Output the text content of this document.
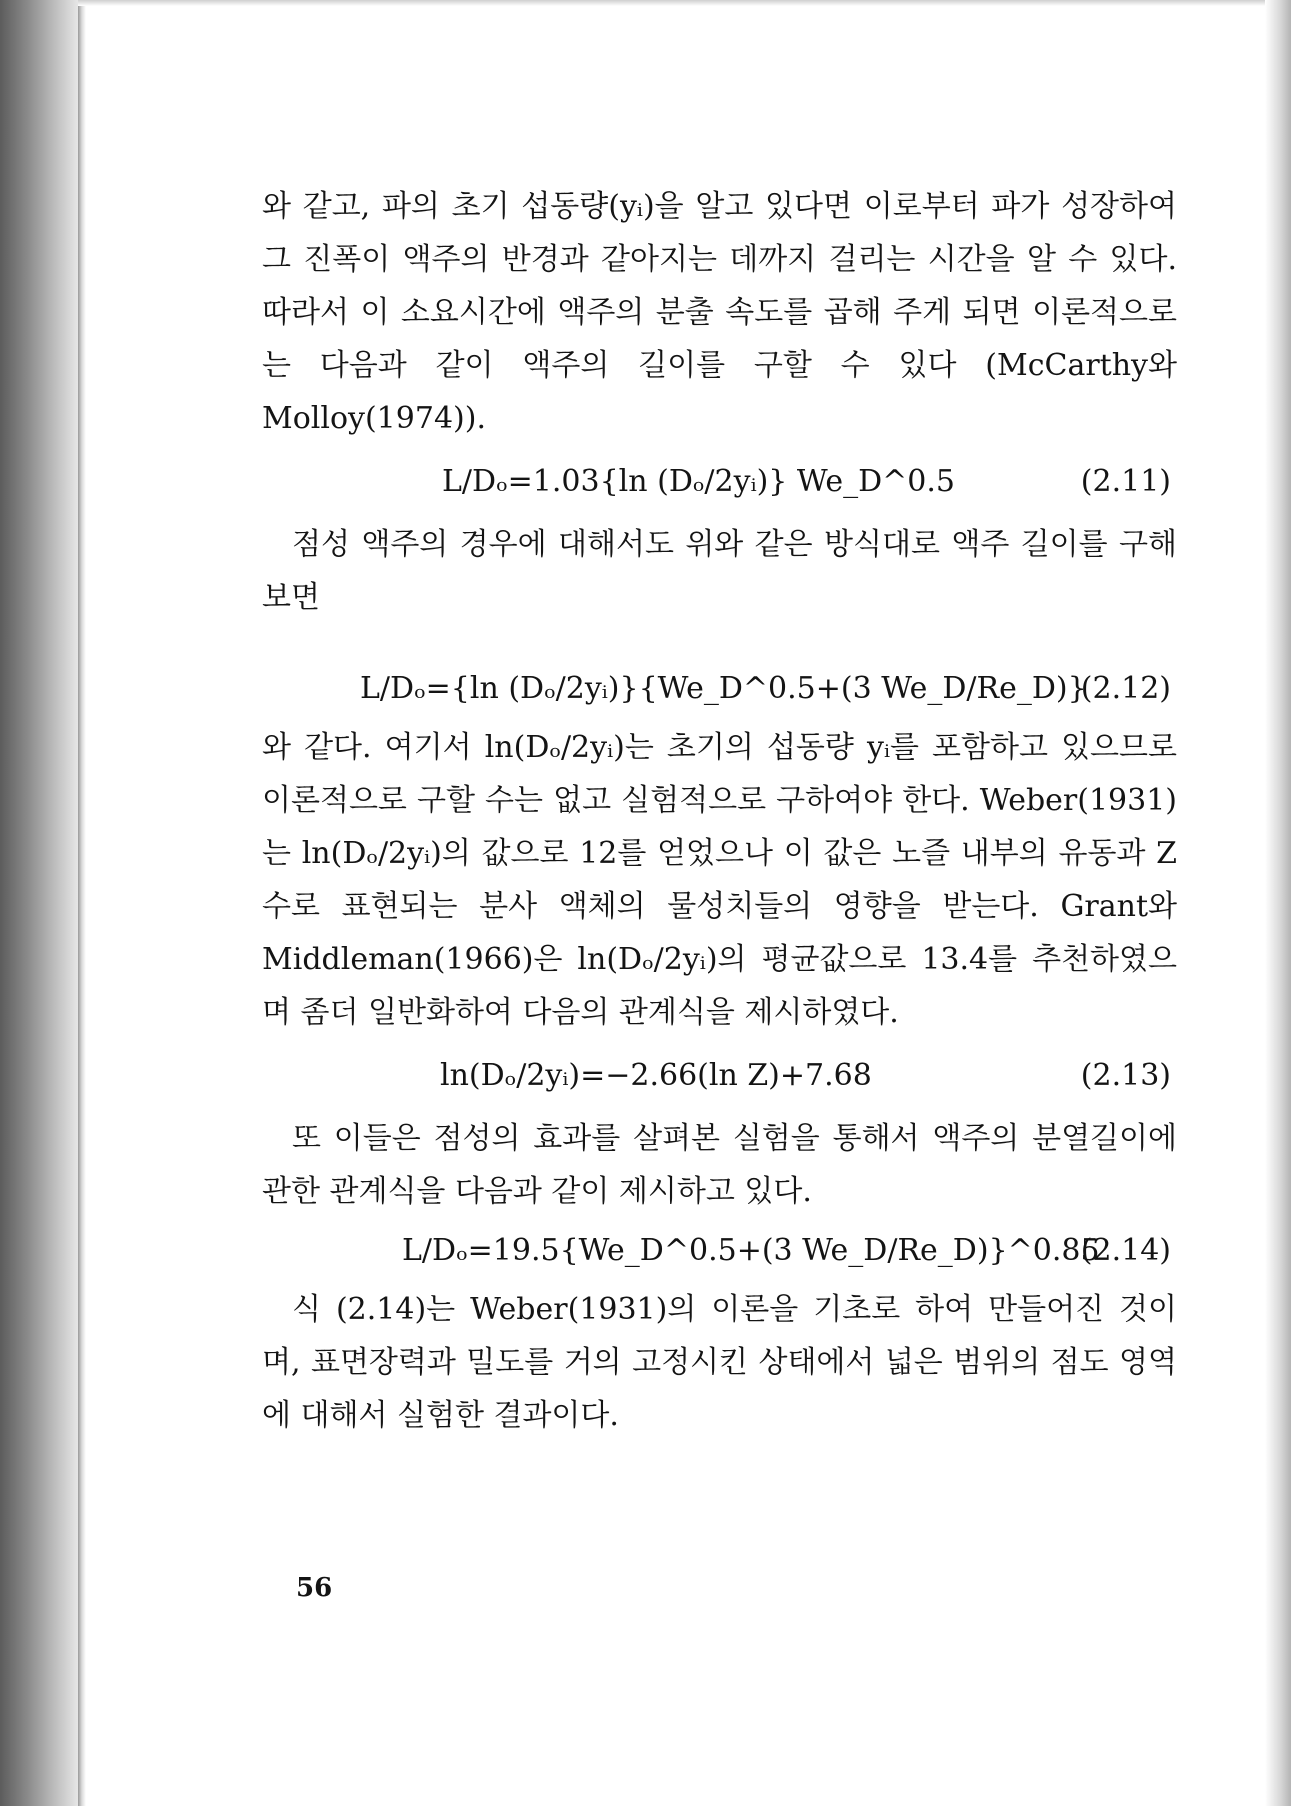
와 같고, 파의 초기 섭동량(yᵢ)을 알고 있다면 이로부터 파가 성장하여 그 진폭이 액주의 반경과 같아지는 데까지 걸리는 시간을 알 수 있다. 따라서 이 소요시간에 액주의 분출 속도를 곱해 주게 되면 이론적으로는 다음과 같이 액주의 길이를 구할 수 있다 (McCarthy와 Molloy(1974)).

L/Dₒ=1.03{ln (Dₒ/2yᵢ)} We_D^0.5	(2.11)

점성 액주의 경우에 대해서도 위와 같은 방식대로 액주 길이를 구해보면

L/Dₒ={ln (Dₒ/2yᵢ)}{We_D^0.5+(3 We_D/Re_D)}
(2.12)

와 같다. 여기서 ln(Dₒ/2yᵢ)는 초기의 섭동량 yᵢ를 포함하고 있으므로 이론적으로 구할 수는 없고 실험적으로 구하여야 한다. Weber(1931)는 ln(Dₒ/2yᵢ)의 값으로 12를 얻었으나 이 값은 노즐 내부의 유동과 Z 수로 표현되는 분사 액체의 물성치들의 영향을 받는다. Grant와 Middleman(1966)은 ln(Dₒ/2yᵢ)의 평균값으로 13.4를 추천하였으며 좀더 일반화하여 다음의 관계식을 제시하였다.

ln(Dₒ/2yᵢ)=−2.66(ln Z)+7.68	(2.13)

또 이들은 점성의 효과를 살펴본 실험을 통해서 액주의 분열길이에 관한 관계식을 다음과 같이 제시하고 있다.

L/Dₒ=19.5{We_D^0.5+(3 We_D/Re_D)}^0.85
(2.14)

식 (2.14)는 Weber(1931)의 이론을 기초로 하여 만들어진 것이며, 표면장력과 밀도를 거의 고정시킨 상태에서 넓은 범위의 점도 영역에 대해서 실험한 결과이다.

56
